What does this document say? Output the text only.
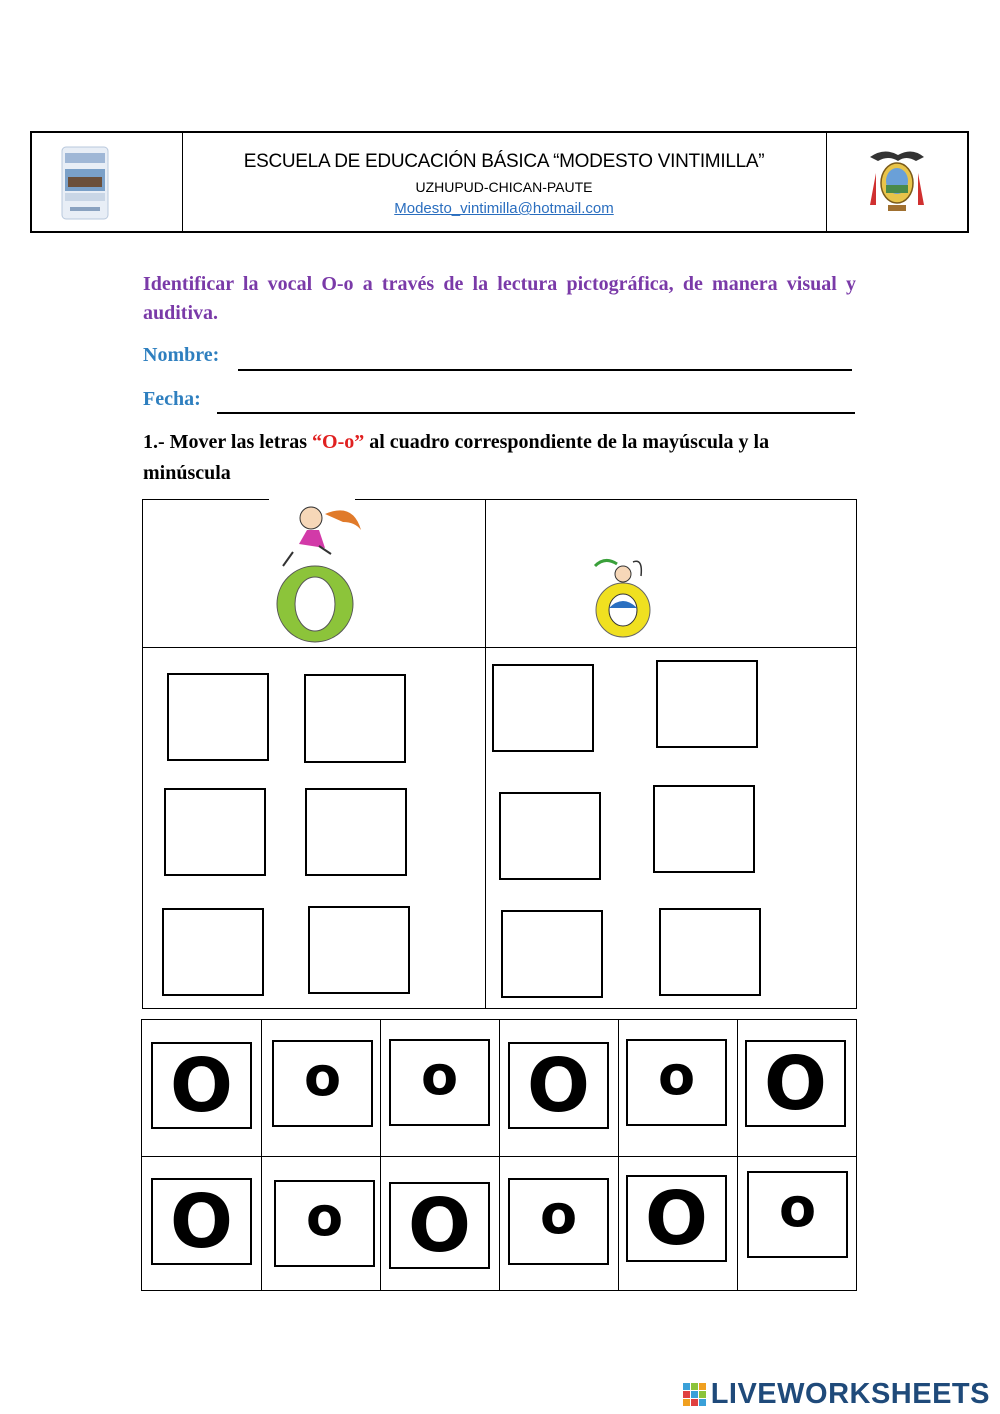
ESCUELA DE EDUCACIÓN BÁSICA “MODESTO VINTIMILLA”
UZHUPUD-CHICAN-PAUTE
Modesto_vintimilla@hotmail.com
Identificar la vocal O-o a través de la lectura pictográfica, de manera visual y auditiva.
Nombre:
Fecha:
1.- Mover las letras “O-o” al cuadro correspondiente de la mayúscula y la minúscula
O	o	o O	o O
O	o O	o O	o
LIVEWORKSHEETS
